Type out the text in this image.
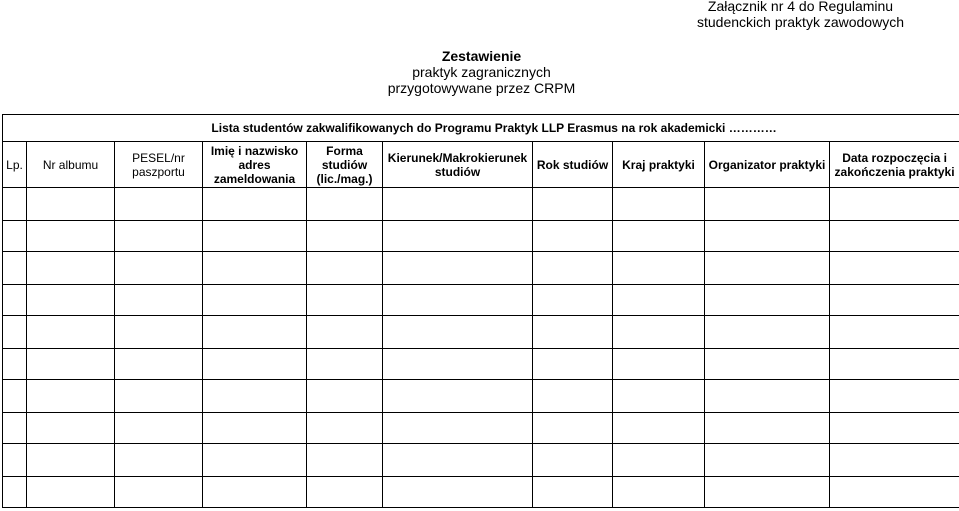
Załącznik nr 4 do Regulaminu
studenckich praktyk zawodowych
Zestawienie
praktyk zagranicznych
przygotowywane przez CRPM
Lista studentów zakwalifikowanych do Programu Praktyk LLP Erasmus na rok akademicki …………									
Lp.	Nr albumu	PESEL/nr paszportu	Imię i nazwisko adres zameldowania	Forma studiów (lic./mag.)	Kierunek/Makrokierunek studiów	Rok studiów	Kraj praktyki	Organizator praktyki	Data rozpoczęcia i zakończenia praktyki
